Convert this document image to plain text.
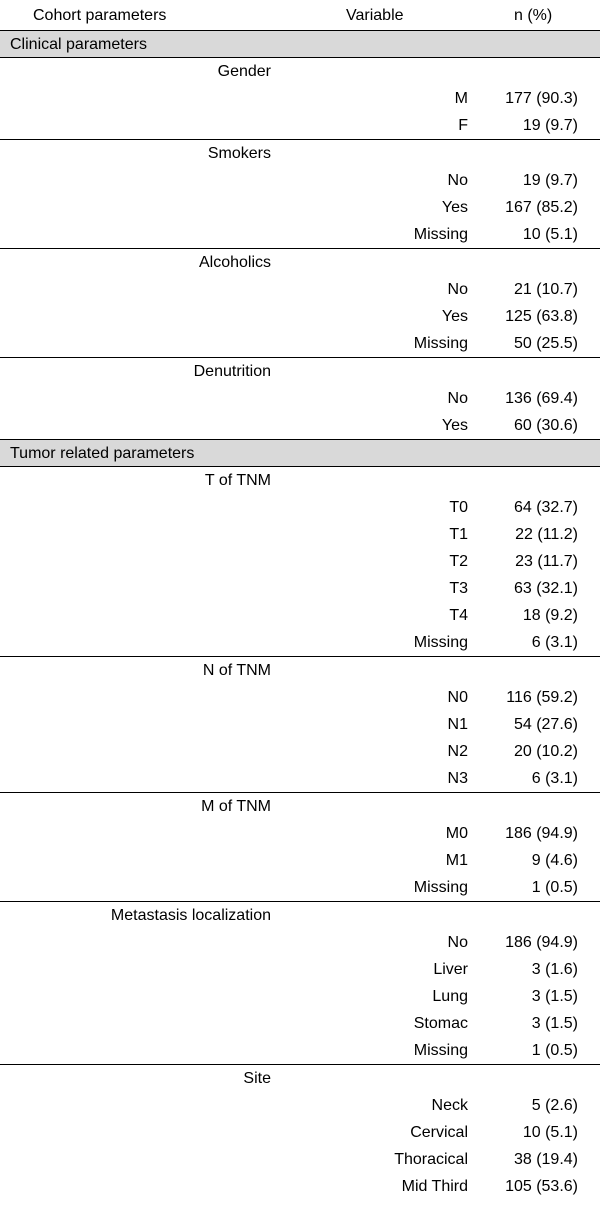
Cohort parameters	Variable	n (%)
Clinical parameters
Gender
M 177 (90.3)
F	19 (9.7)
Smokers
No	19 (9.7)
Yes 167 (85.2)
Missing	10 (5.1)
Alcoholics
No	21 (10.7)
Yes 125 (63.8)
Missing	50 (25.5)
Denutrition
No 136 (69.4)
Yes	60 (30.6)
Tumor related parameters
T of TNM
T0	64 (32.7)
T1	22 (11.2)
T2	23 (11.7)
T3	63 (32.1)
T4	18 (9.2)
Missing	6 (3.1)
N of TNM
N0 116 (59.2)
N1	54 (27.6)
N2	20 (10.2)
N3	6 (3.1)
M of TNM
M0 186 (94.9)
M1	9 (4.6)
Missing	1 (0.5)
Metastasis localization
No 186 (94.9)
Liver	3 (1.6)
Lung	3 (1.5)
Stomac	3 (1.5)
Missing	1 (0.5)
Site
Neck	5 (2.6)
Cervical	10 (5.1)
Thoracical	38 (19.4)
Mid Third 105 (53.6)
